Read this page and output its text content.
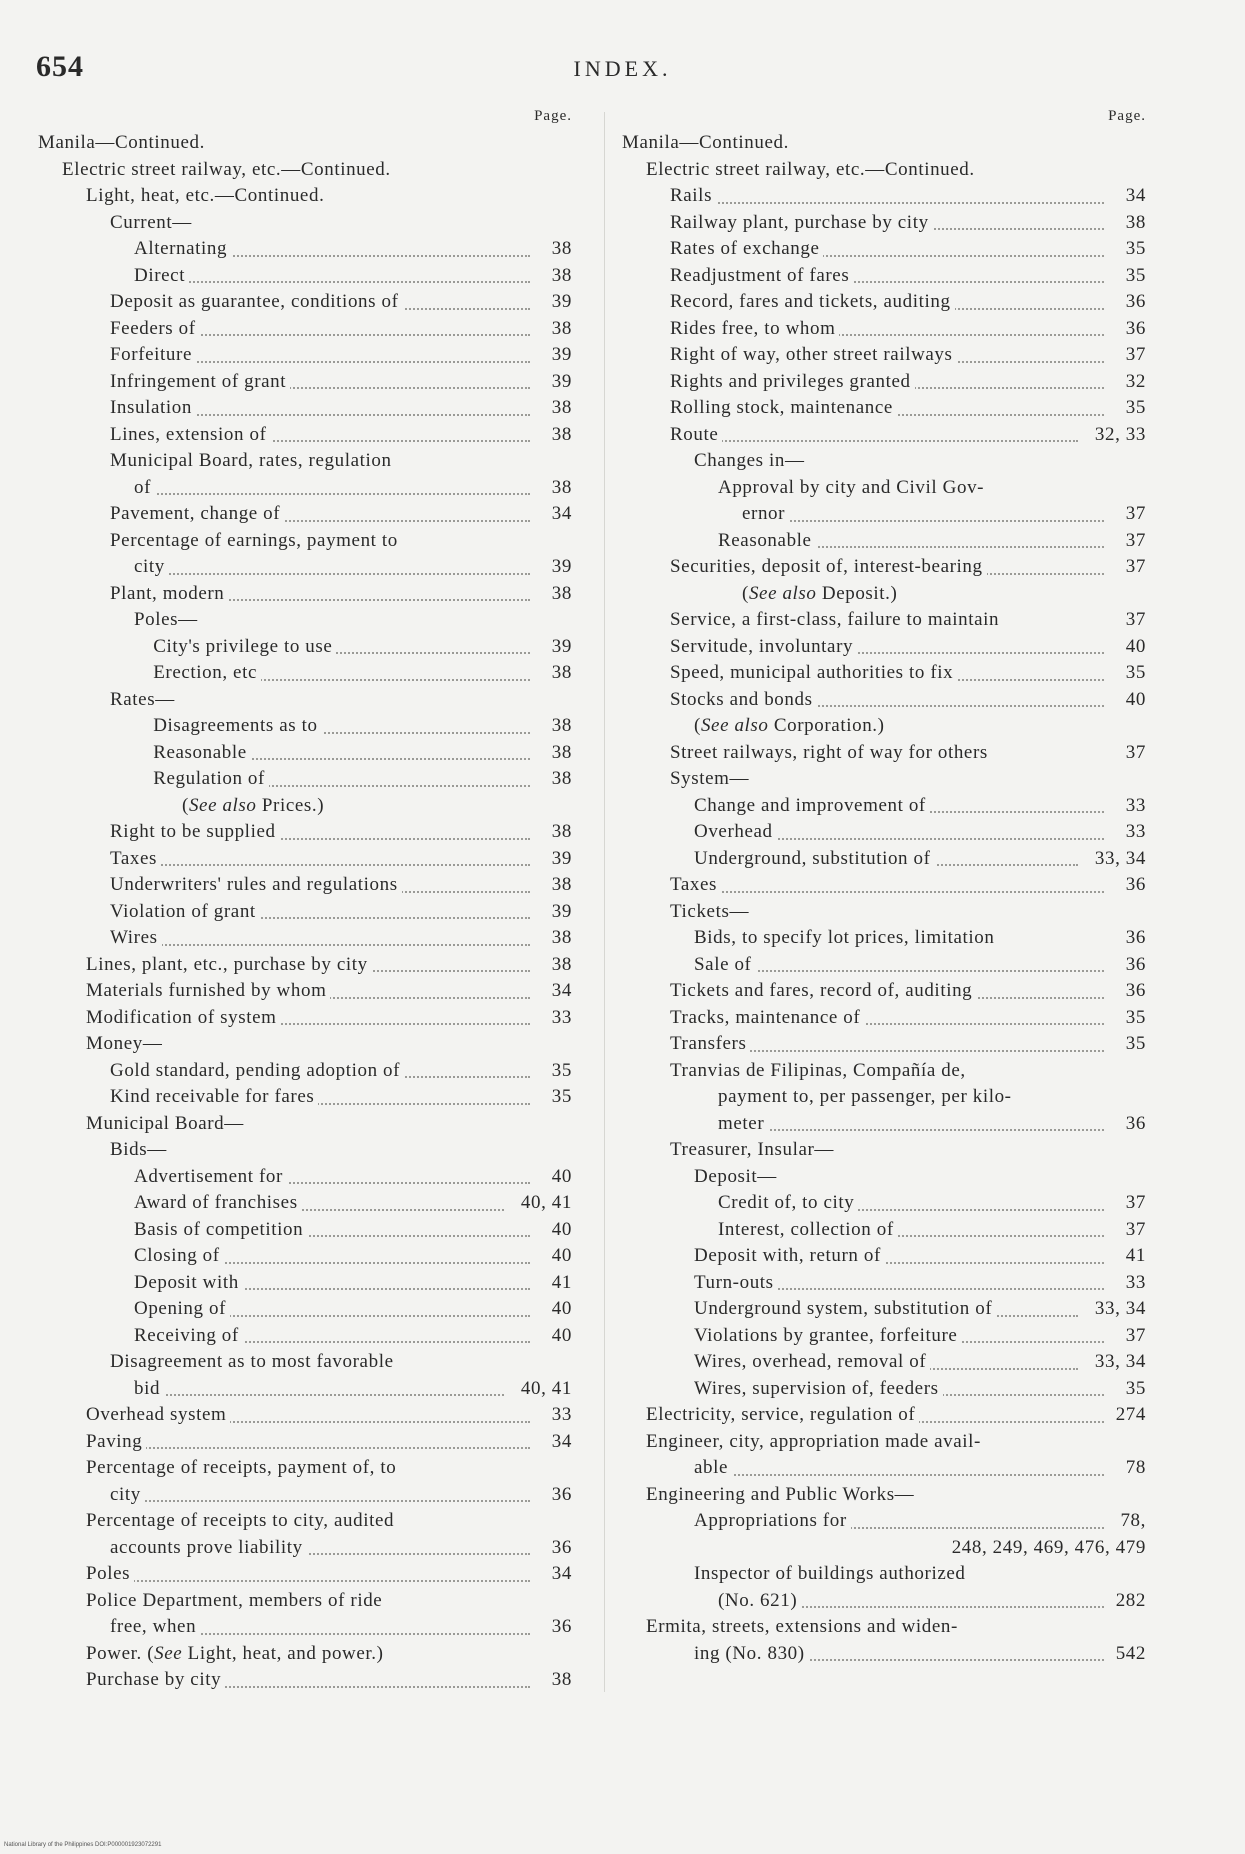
654	INDEX.
Page.
Manila—Continued.
Electric street railway, etc.—Continued.
Light, heat, etc.—Continued.
Current—
Alternating	38
Direct	38
Deposit as guarantee, conditions of	39
Feeders of	38
Forfeiture	39
Infringement of grant	39
Insulation	38
Lines, extension of	38
Municipal Board, rates, regulation
of	38
Pavement, change of	34
Percentage of earnings, payment to
city	39
Plant, modern	38
Poles—
City's privilege to use	39
Erection, etc	38
Rates—
Disagreements as to	38
Reasonable	38
Regulation of	38
(See also Prices.)
Right to be supplied	38
Taxes	39
Underwriters' rules and regulations	38
Violation of grant	39
Wires	38
Lines, plant, etc., purchase by city	38
Materials furnished by whom	34
Modification of system	33
Money—
Gold standard, pending adoption of	35
Kind receivable for fares	35
Municipal Board—
Bids—
Advertisement for	40
Award of franchises	40, 41
Basis of competition	40
Closing of	40
Deposit with	41
Opening of	40
Receiving of	40
Disagreement as to most favorable
bid	40, 41
Overhead system	33
Paving	34
Percentage of receipts, payment of, to
city	36
Percentage of receipts to city, audited
accounts prove liability	36
Poles	34
Police Department, members of ride
free, when	36
Power. (See Light, heat, and power.)
Purchase by city	38
Page.
Manila—Continued.
Electric street railway, etc.—Continued.
Rails	34
Railway plant, purchase by city	38
Rates of exchange	35
Readjustment of fares	35
Record, fares and tickets, auditing	36
Rides free, to whom	36
Right of way, other street railways	37
Rights and privileges granted	32
Rolling stock, maintenance	35
Route	32, 33
Changes in—
Approval by city and Civil Gov-
ernor	37
Reasonable	37
Securities, deposit of, interest-bearing	37
(See also Deposit.)
Service, a first-class, failure to maintain	37
Servitude, involuntary	40
Speed, municipal authorities to fix	35
Stocks and bonds	40
(See also Corporation.)
Street railways, right of way for others	37
System—
Change and improvement of	33
Overhead	33
Underground, substitution of	33, 34
Taxes	36
Tickets—
Bids, to specify lot prices, limitation	36
Sale of	36
Tickets and fares, record of, auditing	36
Tracks, maintenance of	35
Transfers	35
Tranvias de Filipinas, Compañía de,
payment to, per passenger, per kilo-
meter	36
Treasurer, Insular—
Deposit—
Credit of, to city	37
Interest, collection of	37
Deposit with, return of	41
Turn-outs	33
Underground system, substitution of	33, 34
Violations by grantee, forfeiture	37
Wires, overhead, removal of	33, 34
Wires, supervision of, feeders	35
Electricity, service, regulation of	274
Engineer, city, appropriation made avail-
able	78
Engineering and Public Works—
Appropriations for	78,
248, 249, 469, 476, 479
Inspector of buildings authorized
(No. 621)	282
Ermita, streets, extensions and widen-
ing (No. 830)	542
National Library of the Philippines DOI:P000001923072291
